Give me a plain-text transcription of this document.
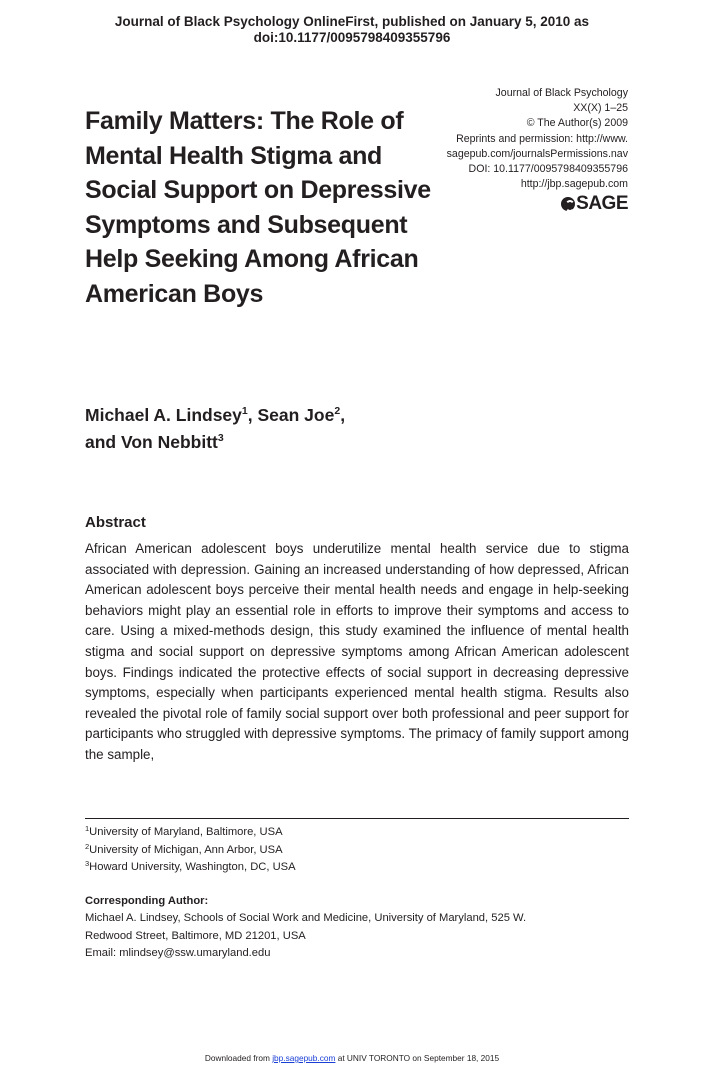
Journal of Black Psychology OnlineFirst, published on January 5, 2010 as
doi:10.1177/0095798409355796
Journal of Black Psychology
XX(X) 1–25
© The Author(s) 2009
Reprints and permission: http://www.
sagepub.com/journalsPermissions.nav
DOI: 10.1177/0095798409355796
http://jbp.sagepub.com
SAGE
Family Matters: The Role of Mental Health Stigma and Social Support on Depressive Symptoms and Subsequent Help Seeking Among African American Boys
Michael A. Lindsey$^1$, Sean Joe$^2$,
and Von Nebbitt$^3$
Abstract

African American adolescent boys underutilize mental health service due to stigma associated with depression. Gaining an increased understanding of how depressed, African American adolescent boys perceive their mental health needs and engage in help-seeking behaviors might play an essential role in efforts to improve their symptoms and access to care. Using a mixed-methods design, this study examined the influence of mental health stigma and social support on depressive symptoms among African American adolescent boys. Findings indicated the protective effects of social support in decreasing depressive symptoms, especially when participants experienced mental health stigma. Results also revealed the pivotal role of family social support over both professional and peer support for participants who struggled with depressive symptoms. The primacy of family support among the sample,

$^1$University of Maryland, Baltimore, USA
$^2$University of Michigan, Ann Arbor, USA
$^3$Howard University, Washington, DC, USA
Corresponding Author:
Michael A. Lindsey, Schools of Social Work and Medicine, University of Maryland, 525 W.
Redwood Street, Baltimore, MD 21201, USA
Email: mlindsey@ssw.umaryland.edu
Downloaded from jbp.sagepub.com at UNIV TORONTO on September 18, 2015
